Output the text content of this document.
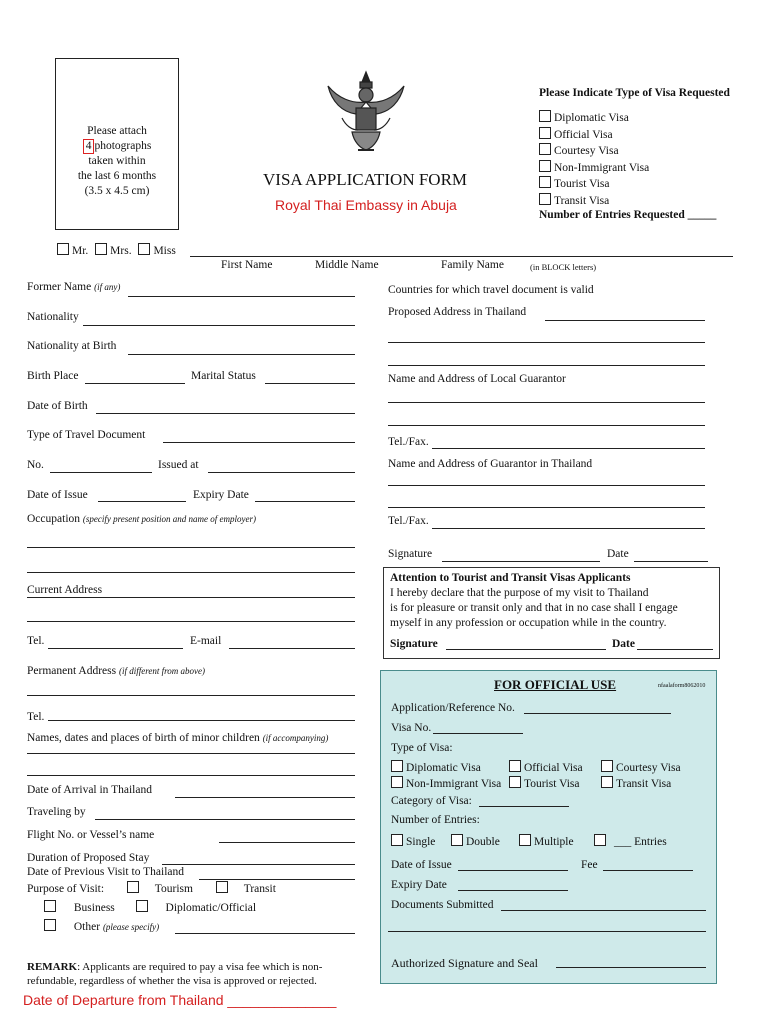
Please attach
4 photographs
taken within
the last 6 months
(3.5 x 4.5 cm)
VISA APPLICATION FORM
Royal Thai Embassy in Abuja
Please Indicate Type of Visa Requested
Diplomatic Visa
Official Visa
Courtesy Visa
Non-Immigrant Visa
Tourist Visa
Transit Visa
Number of Entries Requested _____
Mr. Mrs. Miss
First Name	Middle Name	Family Name	(in BLOCK letters)
Former Name (if any)
Nationality
Nationality at Birth
Birth Place	Marital Status
Date of Birth
Type of Travel Document
No.	Issued at
Date of Issue	Expiry Date
Occupation (specify present position and name of employer)
Current Address
Tel.	E-mail
Permanent Address (if different from above)
Tel.
Names, dates and places of birth of minor children (if accompanying)
Date of Arrival in Thailand
Traveling by
Flight No. or Vessel’s name
Duration of Proposed Stay
Date of Previous Visit to Thailand
Purpose of Visit:	Tourism	Transit
Business	Diplomatic/Official
Other (please specify)
REMARK: Applicants are required to pay a visa fee which is non-
refundable, regardless of whether the visa is approved or rejected.
Date of Departure from Thailand ______________
Countries for which travel document is valid
Proposed Address in Thailand
Name and Address of Local Guarantor
Tel./Fax.
Name and Address of Guarantor in Thailand
Tel./Fax.
Signature	Date
Attention to Tourist and Transit Visas Applicants
I hereby declare that the purpose of my visit to Thailand
is for pleasure or transit only and that in no case shall I engage
myself in any profession or occupation while in the country.
Signature	Date
FOR OFFICIAL USE	nfaalaform8062010
Application/Reference No.
Visa No.
Type of Visa:
Diplomatic Visa	Official Visa	Courtesy Visa
Non-Immigrant Visa	Tourist Visa	Transit Visa
Category of Visa:
Number of Entries:
Single	Double	Multiple	___ Entries
Date of Issue	Fee
Expiry Date
Documents Submitted
Authorized Signature and Seal
